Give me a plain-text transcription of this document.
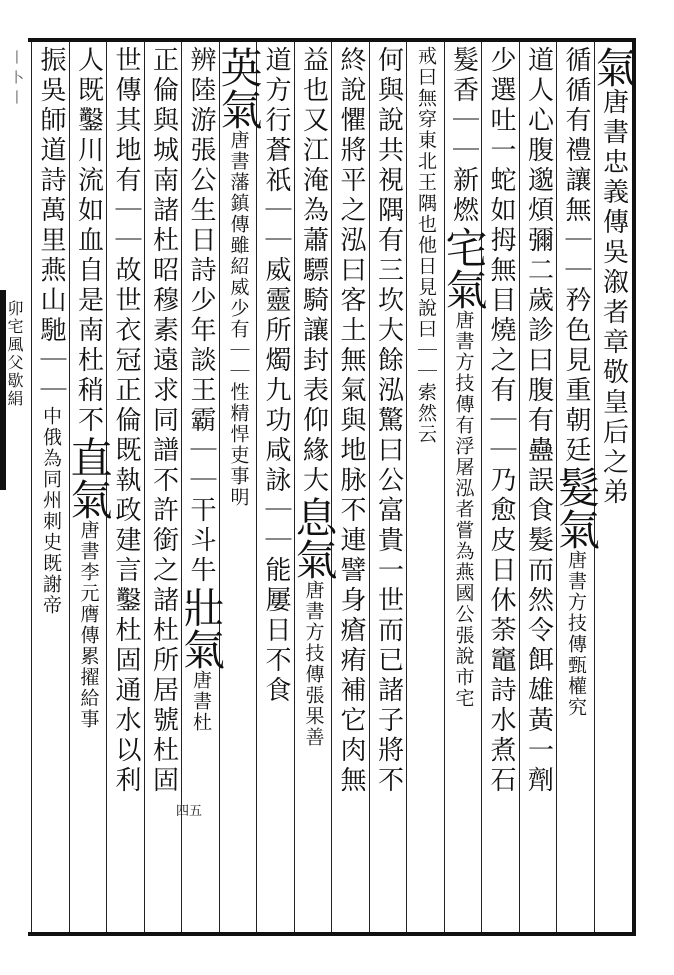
丨卜丨
卯宅風父歇絹
四五
氣唐書忠義傳吳溆者章敬皇后之弟
循循有禮讓無｜｜矜色見重朝廷髮氣唐書方技傳甄權究
道人心腹邈煩彌二歲診曰腹有蠱誤食髮而然令餌雄黃一劑
少選吐一蛇如拇無目燒之有｜｜乃愈皮日休荼竈詩水煮石
髮香｜｜新燃宅氣唐書方技傳有浮屠泓者嘗為燕國公張說市宅
戒曰無穿東北王隅也他日見說曰｜｜索然云
何與說共視隅有三坎大餘泓驚曰公富貴一世而已諸子將不
終說懼將平之泓曰客土無氣與地脉不連譬身瘡痏補它肉無
益也又江淹為蕭驃騎讓封表仰緣大息氣唐書方技傳張果善
道方行蒼祇｜｜威靈所燭九功咸詠｜｜能屢日不食
英氣唐書藩鎮傳雖紹威少有｜｜性精悍吏事明
辨陸游張公生日詩少年談王霸｜｜干斗牛壯氣唐書杜
正倫與城南諸杜昭穆素遠求同譜不許銜之諸杜所居號杜固
世傳其地有｜｜故世衣冠正倫既執政建言鑿杜固通水以利
人既鑿川流如血自是南杜稍不直氣唐書李元膺傳累擢給事
振吳師道詩萬里燕山馳｜｜中俄為同州刺史既謝帝
